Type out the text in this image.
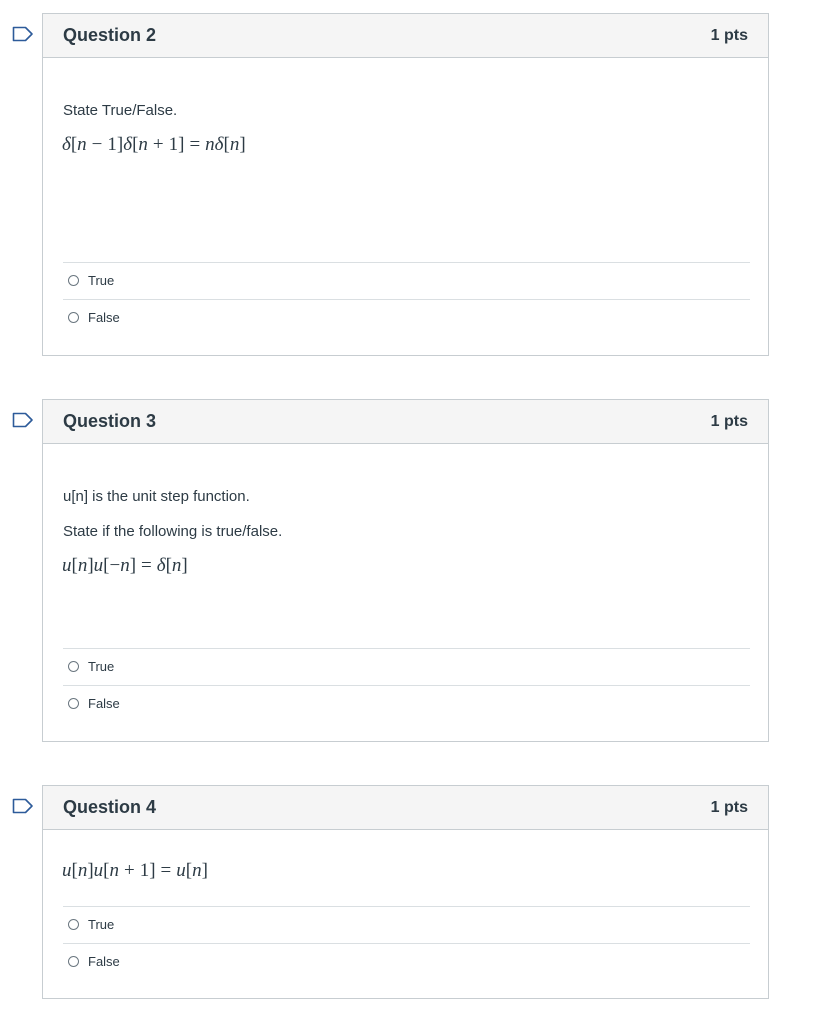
Question 2	1 pts
State True/False.
δ[n − 1]δ[n + 1] = nδ[n]
True
False
Question 3	1 pts
u[n] is the unit step function.
State if the following is true/false.
u[n]u[−n] = δ[n]
True
False
Question 4	1 pts
u[n]u[n + 1] = u[n]
True
False
